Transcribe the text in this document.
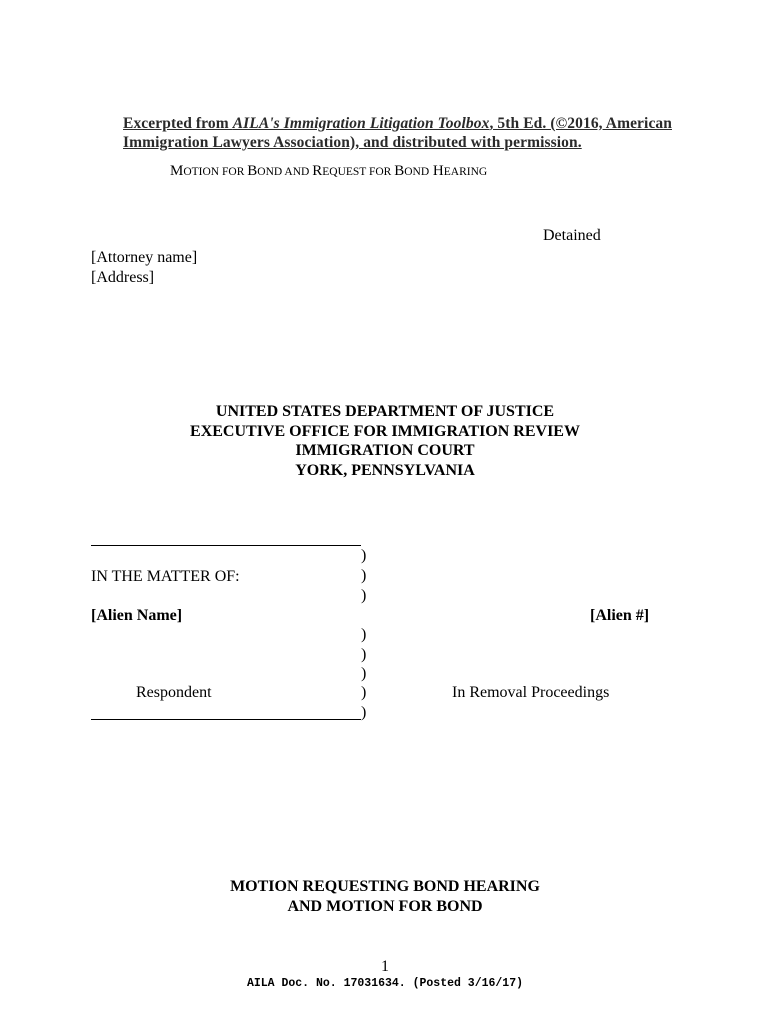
Excerpted from AILA's Immigration Litigation Toolbox, 5th Ed. (©2016, American
Immigration Lawyers Association), and distributed with permission.
MOTION FOR BOND AND REQUEST FOR BOND HEARING
Detained
[Attorney name]
[Address]
UNITED STATES DEPARTMENT OF JUSTICE
EXECUTIVE OFFICE FOR IMMIGRATION REVIEW
IMMIGRATION COURT
YORK, PENNSYLVANIA
)
)
)
)
)
)
)
)
IN THE MATTER OF:
[Alien Name]	[Alien #]
Respondent	In Removal Proceedings
MOTION REQUESTING BOND HEARING
AND MOTION FOR BOND
1
AILA Doc. No. 17031634. (Posted 3/16/17)
